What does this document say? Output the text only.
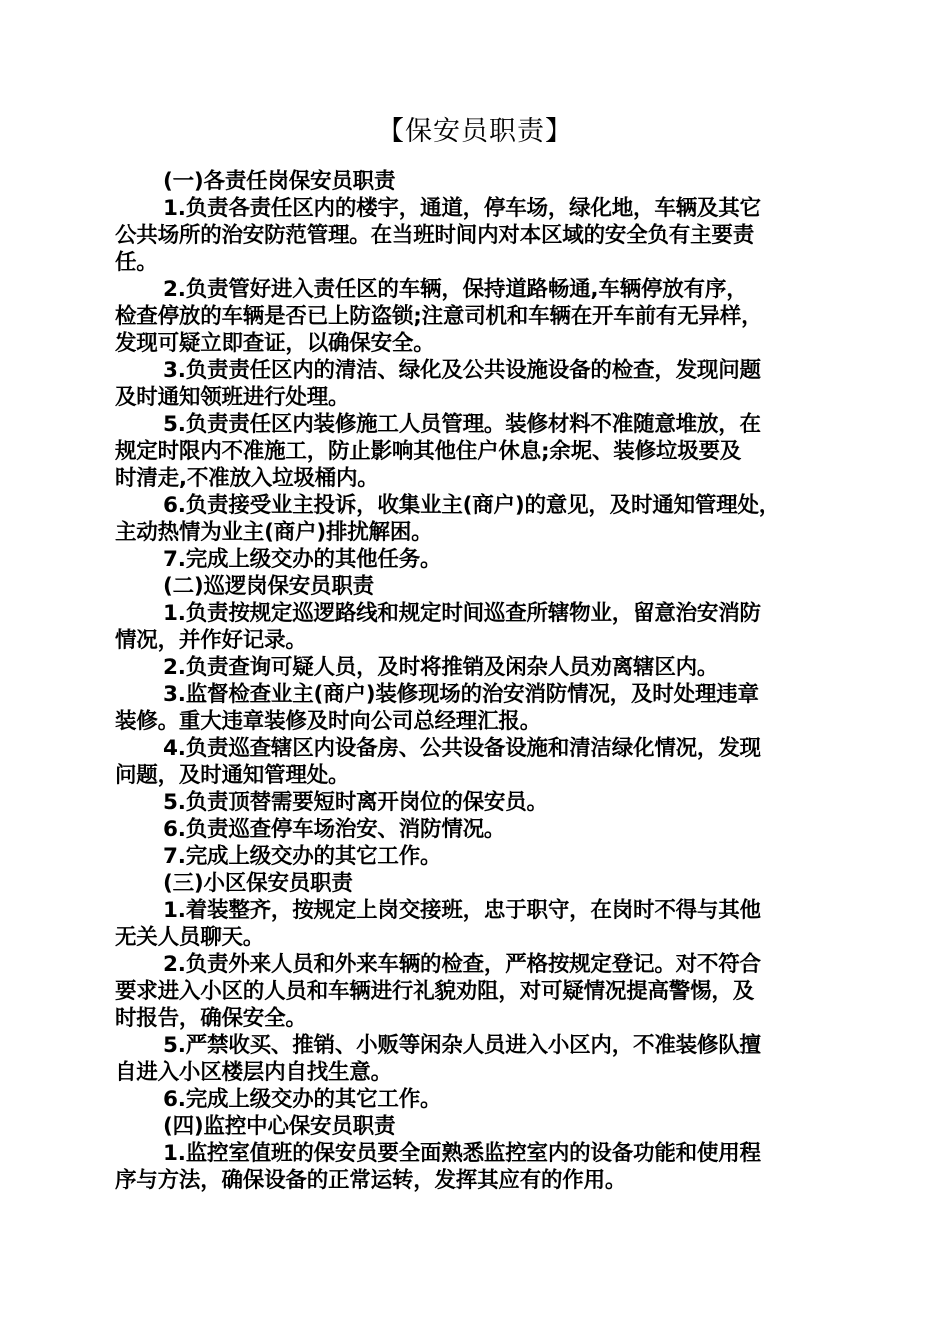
【保安员职责】
(一)各责任岗保安员职责
1.负责各责任区内的楼宇，通道，停车场，绿化地，车辆及其它
公共场所的治安防范管理。在当班时间内对本区域的安全负有主要责
任。
2.负责管好进入责任区的车辆，保持道路畅通,车辆停放有序，
检查停放的车辆是否已上防盗锁;注意司机和车辆在开车前有无异样，
发现可疑立即查证，以确保安全。
3.负责责任区内的清洁、绿化及公共设施设备的检查，发现问题
及时通知领班进行处理。
5.负责责任区内装修施工人员管理。装修材料不准随意堆放，在
规定时限内不准施工，防止影响其他住户休息;余坭、装修垃圾要及
时清走,不准放入垃圾桶内。
6.负责接受业主投诉，收集业主(商户)的意见，及时通知管理处，
主动热情为业主(商户)排扰解困。
7.完成上级交办的其他任务。
(二)巡逻岗保安员职责
1.负责按规定巡逻路线和规定时间巡查所辖物业，留意治安消防
情况，并作好记录。
2.负责查询可疑人员，及时将推销及闲杂人员劝离辖区内。
3.监督检查业主(商户)装修现场的治安消防情况，及时处理违章
装修。重大违章装修及时向公司总经理汇报。
4.负责巡查辖区内设备房、公共设备设施和清洁绿化情况，发现
问题，及时通知管理处。
5.负责顶替需要短时离开岗位的保安员。
6.负责巡查停车场治安、消防情况。
7.完成上级交办的其它工作。
(三)小区保安员职责
1.着装整齐，按规定上岗交接班，忠于职守，在岗时不得与其他
无关人员聊天。
2.负责外来人员和外来车辆的检查，严格按规定登记。对不符合
要求进入小区的人员和车辆进行礼貌劝阻，对可疑情况提高警惕，及
时报告，确保安全。
5.严禁收买、推销、小贩等闲杂人员进入小区内，不准装修队擅
自进入小区楼层内自找生意。
6.完成上级交办的其它工作。
(四)监控中心保安员职责
1.监控室值班的保安员要全面熟悉监控室内的设备功能和使用程
序与方法，确保设备的正常运转，发挥其应有的作用。
